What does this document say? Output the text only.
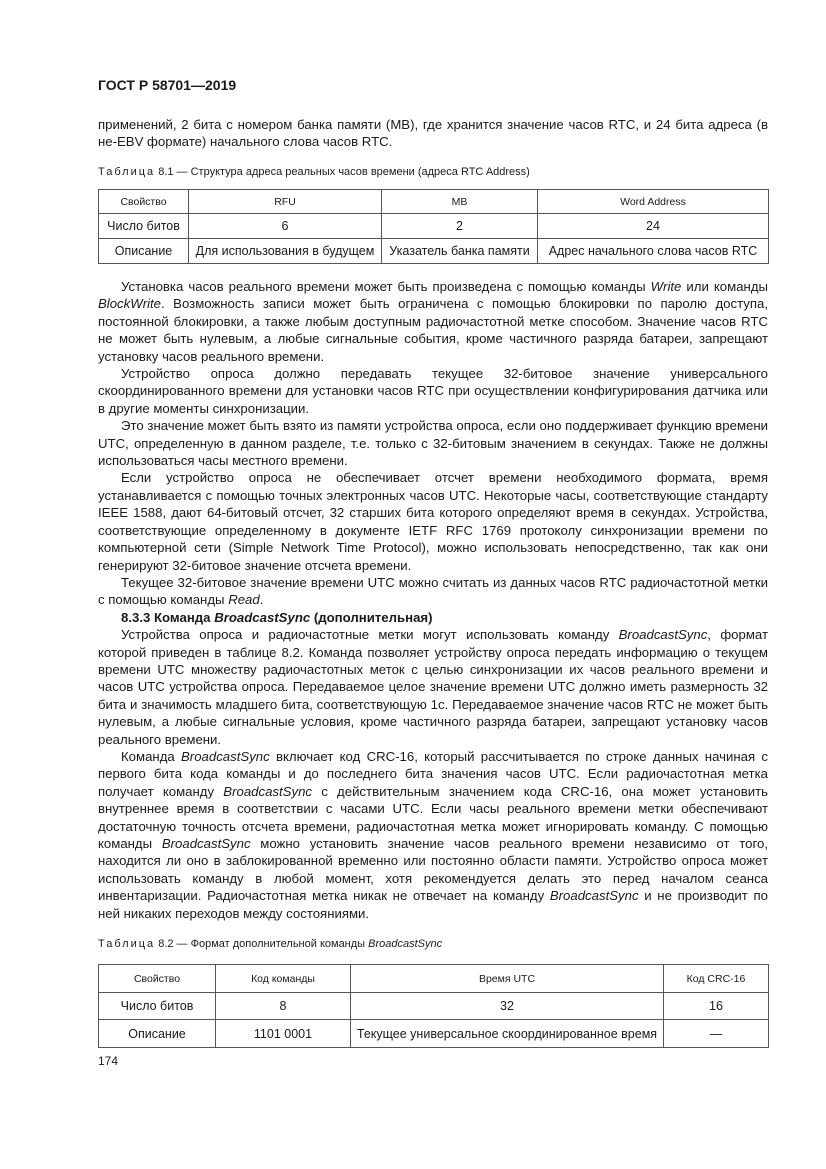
ГОСТ Р 58701—2019

применений, 2 бита с номером банка памяти (MB), где хранится значение часов RTC, и 24 бита адреса (в не-EBV формате) начального слова часов RTC.

Таблица 8.1 — Структура адреса реальных часов времени (адреса RTC Address)
Свойство	RFU	MB	Word Address
Число битов	6	2	24
Описание	Для использования в будущем	Указатель банка памяти	Адрес начального слова часов RTC

Установка часов реального времени может быть произведена с помощью команды Write или команды BlockWrite. Возможность записи может быть ограничена с помощью блокировки по паролю доступа, постоянной блокировки, а также любым доступным радиочастотной метке способом. Значение часов RTC не может быть нулевым, а любые сигнальные события, кроме частичного разряда батареи, запрещают установку часов реального времени.

Устройство опроса должно передавать текущее 32-битовое значение универсального скоординированного времени для установки часов RTC при осуществлении конфигурирования датчика или в другие моменты синхронизации.

Это значение может быть взято из памяти устройства опроса, если оно поддерживает функцию времени UTC, определенную в данном разделе, т.е. только с 32-битовым значением в секундах. Также не должны использоваться часы местного времени.

Если устройство опроса не обеспечивает отсчет времени необходимого формата, время устанавливается с помощью точных электронных часов UTC. Некоторые часы, соответствующие стандарту IEEE 1588, дают 64-битовый отсчет, 32 старших бита которого определяют время в секундах. Устройства, соответствующие определенному в документе IETF RFC 1769 протоколу синхронизации времени по компьютерной сети (Simple Network Time Protocol), можно использовать непосредственно, так как они генерируют 32-битовое значение отсчета времени.

Текущее 32-битовое значение времени UTC можно считать из данных часов RTC радиочастотной метки с помощью команды Read.

8.3.3 Команда BroadcastSync (дополнительная)

Устройства опроса и радиочастотные метки могут использовать команду BroadcastSync, формат которой приведен в таблице 8.2. Команда позволяет устройству опроса передать информацию о текущем времени UTC множеству радиочастотных меток с целью синхронизации их часов реального времени и часов UTC устройства опроса. Передаваемое целое значение времени UTC должно иметь размерность 32 бита и значимость младшего бита, соответствующую 1с. Передаваемое значение часов RTC не может быть нулевым, а любые сигнальные условия, кроме частичного разряда батареи, запрещают установку часов реального времени.

Команда BroadcastSync включает код CRC-16, который рассчитывается по строке данных начиная с первого бита кода команды и до последнего бита значения часов UTC. Если радиочастотная метка получает команду BroadcastSync с действительным значением кода CRC-16, она может установить внутреннее время в соответствии с часами UTC. Если часы реального времени метки обеспечивают достаточную точность отсчета времени, радиочастотная метка может игнорировать команду. С помощью команды BroadcastSync можно установить значение часов реального времени независимо от того, находится ли оно в заблокированной временно или постоянно области памяти. Устройство опроса может использовать команду в любой момент, хотя рекомендуется делать это перед началом сеанса инвентаризации. Радиочастотная метка никак не отвечает на команду BroadcastSync и не производит по ней никаких переходов между состояниями.

Таблица 8.2 — Формат дополнительной команды BroadcastSync
Свойство	Код команды	Время UTC	Код CRC-16
Число битов	8	32	16
Описание	1101 0001	Текущее универсальное скоординированное время	—
174
